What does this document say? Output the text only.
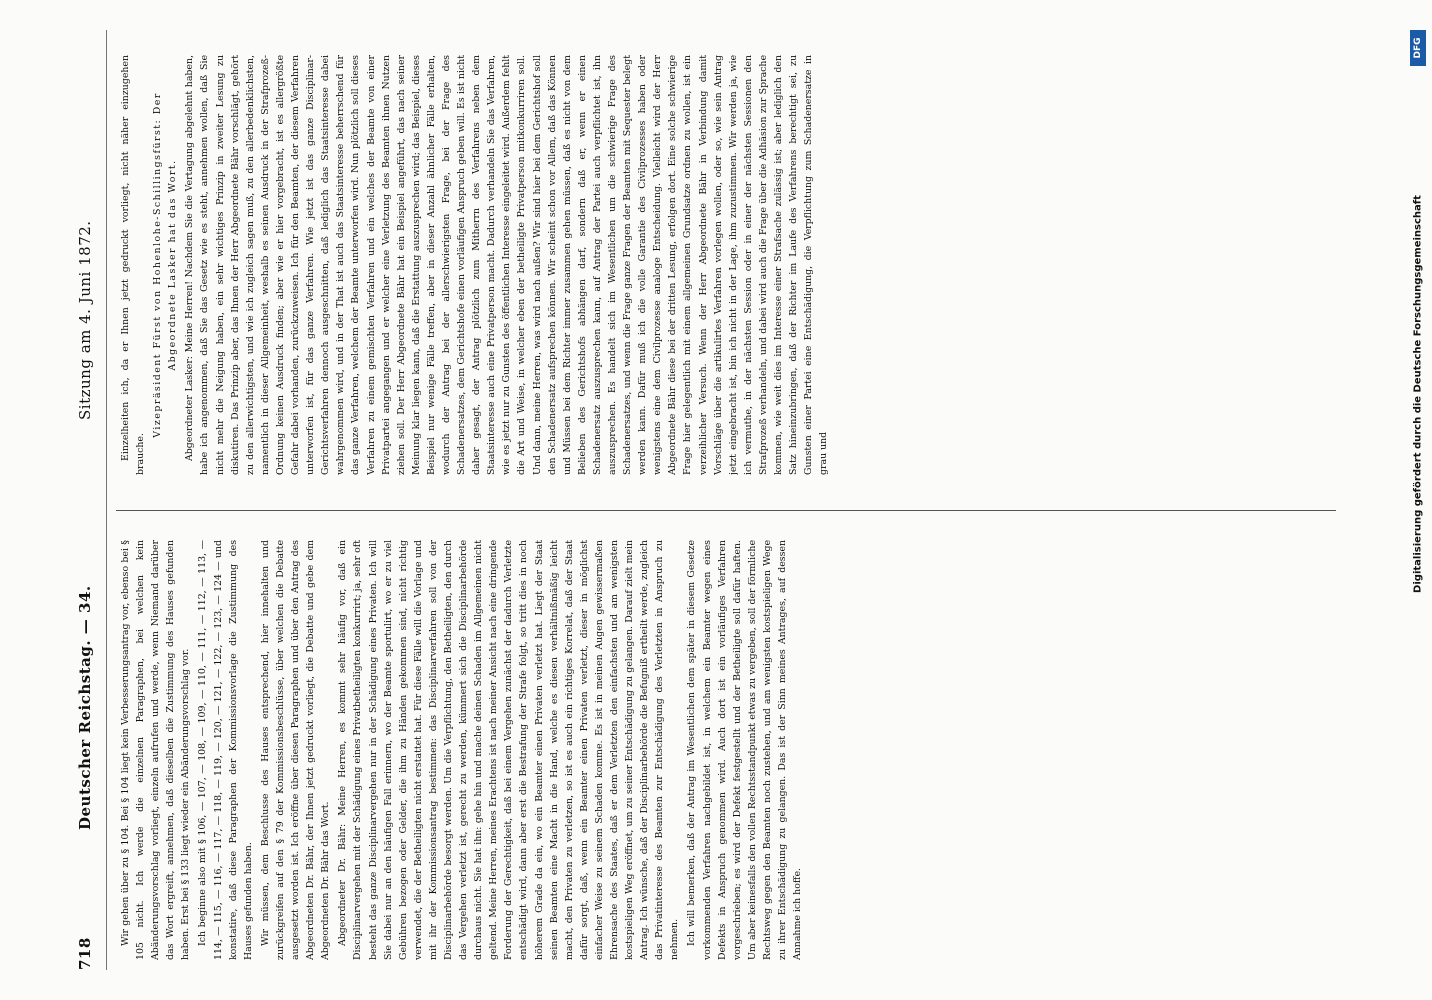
718
Deutscher Reichstag. — 34.
Sitzung am 4. Juni 1872.

Wir gehen über zu § 104. Bei § 104 liegt kein Verbesserungsantrag vor, ebenso bei § 105 nicht. Ich werde die einzelnen Paragraphen, bei welchen kein Abänderungsvorschlag vorliegt, einzeln aufrufen und werde, wenn Niemand darüber das Wort ergreift, annehmen, daß dieselben die Zustimmung des Hauses gefunden haben. Erst bei § 133 liegt wieder ein Abänderungsvorschlag vor. Ich beginne also mit § 106, — 107, — 108, — 109, — 110, — 111, — 112, — 113, — 114, — 115, — 116, — 117, — 118, — 119, — 120, — 121, — 122, — 123, — 124 — und konstatire, daß diese Paragraphen der Kommissionsvorlage die Zustimmung des Hauses gefunden haben. Wir müssen, dem Beschlusse des Hauses entsprechend, hier innehalten und zurückgreifen auf den § 79 der Kommissionsbeschlüsse, über welchen die Debatte ausgesetzt worden ist. Ich eröffne über diesen Paragraphen und über den Antrag des Abgeordneten Dr. Bähr, der Ihnen jetzt gedruckt vorliegt, die Debatte und gebe dem Abgeordneten Dr. Bähr das Wort. Abgeordneter Dr. Bähr: Meine Herren, es kommt sehr häufig vor, daß ein Disciplinarvergehen mit der Schädigung eines Privatbetheiligten konkurrirt; ja, sehr oft besteht das ganze Disciplinarvergehen nur in der Schädigung eines Privaten. Ich will Sie dabei nur an den häufigen Fall erinnern, wo der Beamte sportulirt, wo er zu viel Gebühren bezogen oder Gelder, die ihm zu Händen gekommen sind, nicht richtig verwendet, die der Betheiligten nicht erstattet hat. Für diese Fälle will die Vorlage und mit ihr der Kommissionsantrag bestimmen: das Disciplinarverfahren soll von der Disciplinarbehörde besorgt werden. Um die Verpflichtung, den Betheiligten, den durch das Vergehen verletzt ist, gerecht zu werden, kümmert sich die Disciplinarbehörde durchaus nicht. Sie hat ihn: gehe hin und mache deinen Schaden im Allgemeinen nicht geltend. Meine Herren, meines Erachtens ist nach meiner Ansicht nach eine dringende Forderung der Gerechtigkeit, daß bei einem Vergehen zunächst der dadurch Verletzte entschädigt wird, dann aber erst die Bestrafung der Strafe folgt, so tritt dies in noch höherem Grade da ein, wo ein Beamter einen Privaten verletzt hat. Liegt der Staat seinen Beamten eine Macht in die Hand, welche es diesen verhältnißmäßig leicht macht, den Privaten zu verletzen, so ist es auch ein richtiges Korrelat, daß der Staat dafür sorgt, daß, wenn ein Beamter einen Privaten verletzt, dieser in möglichst einfacher Weise zu seinem Schaden komme. Es ist in meinen Augen gewissermaßen Ehrensache des Staates, daß er dem Verletzten den einfachsten und am wenigsten kostspieligen Weg eröffnet, um zu seiner Entschädigung zu gelangen. Darauf zielt mein Antrag. Ich wünsche, daß der Disciplinarbehörde die Befugniß ertheilt werde, zugleich das Privatinteresse des Beamten zur Entschädigung des Verletzten in Anspruch zu nehmen. Ich will bemerken, daß der Antrag im Wesentlichen dem später in diesem Gesetze vorkommenden Verfahren nachgebildet ist, in welchem ein Beamter wegen eines Defekts in Anspruch genommen wird. Auch dort ist ein vorläufiges Verfahren vorgeschrieben; es wird der Defekt festgestellt und der Betheiligte soll dafür haften. Um aber keinesfalls den vollen Rechtsstandpunkt etwas zu vergeben, soll der förmliche Rechtsweg gegen den Beamten noch zustehen, und am wenigsten kostspieligen Wege zu ihrer Entschädigung zu gelangen. Das ist der Sinn meines Antrages, auf dessen Annahme ich hoffe.

Einzelheiten ich, da er Ihnen jetzt gedruckt vorliegt, nicht näher einzugehen brauche.

Vizepräsident Fürst von Hohenlohe-Schillingsfürst: Der Abgeordnete Lasker hat das Wort. Abgeordneter Lasker: Meine Herren! Nachdem Sie die Vertagung abgelehnt haben, habe ich angenommen, daß Sie das Gesetz wie es steht, annehmen wollen, daß Sie nicht mehr die Neigung haben, ein sehr wichtiges Prinzip in zweiter Lesung zu diskutiren. Das Prinzip aber, das Ihnen der Herr Abgeordnete Bähr vorschlägt, gehört zu den allerwichtigsten, und wie ich zugleich sagen muß, zu den allerbedenklichsten, namentlich in dieser Allgemeinheit, weshalb es seinen Ausdruck in der Strafprozeß-Ordnung keinen Ausdruck finden; aber wie er hier vorgebracht, ist es allergrößte Gefahr dabei vorhanden, zurückzuweisen. Ich für den Beamten, der diesem Verfahren unterworfen ist, für das ganze Verfahren. Wie jetzt ist das ganze Disciplinar-Gerichtsverfahren dennoch ausgeschnitten, daß lediglich das Staatsinteresse dabei wahrgenommen wird, und in der That ist auch das Staatsinteresse beherrschend für das ganze Verfahren, welchem der Beamte unterworfen wird. Nun plötzlich soll dieses Verfahren zu einem gemischten Verfahren und ein welches der Beamte von einer Privatpartei angegangen und er welcher eine Verletzung des Beamten ihnen Nutzen ziehen soll. Der Herr Abgeordnete Bähr hat ein Beispiel angeführt, das nach seiner Meinung klar liegen kann, daß die Erstattung auszusprechen wird; das Beispiel, dieses Beispiel nur wenige Fälle treffen, aber in dieser Anzahl ähnlicher Fälle erhalten, wodurch der Antrag bei der allerschwierigsten Frage, bei der Frage des Schadenersatzes, dem Gerichtshofe einen vorläufigen Anspruch geben will. Es ist nicht daher gesagt, der Antrag plötzlich zum Mitherrn des Verfahrens neben dem Staatsinteresse auch eine Privatperson macht. Dadurch verhandeln Sie das Verfahren, wie es jetzt nur zu Gunsten des öffentlichen Interesse eingeleitet wird. Außerdem fehlt die Art und Weise, in welcher eben der betheiligte Privatperson mitkonkurriren soll. Und dann, meine Herren, was wird nach außen? Wir sind hier bei dem Gerichtshof soll den Schadenersatz aufsprechen können. Wir scheint schon vor Allem, daß das Können und Müssen bei dem Richter immer zusammen gehen müssen, daß es nicht von dem Belieben des Gerichtshofs abhängen darf, sondern daß er, wenn er einen Schadenersatz auszusprechen kann, auf Antrag der Partei auch verpflichtet ist, ihn auszusprechen. Es handelt sich im Wesentlichen um die schwierige Frage des Schadenersatzes, und wenn die Frage ganze Fragen der Beamten mit Sequester belegt werden kann. Dafür muß ich die volle Garantie des Civilprozesses haben oder wenigstens eine dem Civilprozesse analoge Entscheidung. Vielleicht wird der Herr Abgeordnete Bähr diese bei der dritten Lesung, erfolgen dort. Eine solche schwierige Frage hier gelegentlich mit einem allgemeinen Grundsatze ordnen zu wollen, ist ein verzeihlicher Versuch. Wenn der Herr Abgeordnete Bähr in Verbindung damit Vorschläge über die artikulirtes Verfahren vorlegen wollen, oder so, wie sein Antrag jetzt eingebracht ist, bin ich nicht in der Lage, ihm zuzustimmen. Wir werden ja, wie ich vermuthe, in der nächsten Session oder in einer der nächsten Sessionen den Strafprozeß verhandeln, und dabei wird auch die Frage über die Adhäsion zur Sprache kommen, wie weit dies im Interesse einer Strafsache zulässig ist; aber lediglich den Satz hineinzubringen, daß der Richter im Laufe des Verfahrens berechtigt sei, zu Gunsten einer Partei eine Entschädigung, die Verpflichtung zum Schadenersatze in grau und

DFG
Digitalisierung gefördert durch die Deutsche Forschungsgemeinschaft
